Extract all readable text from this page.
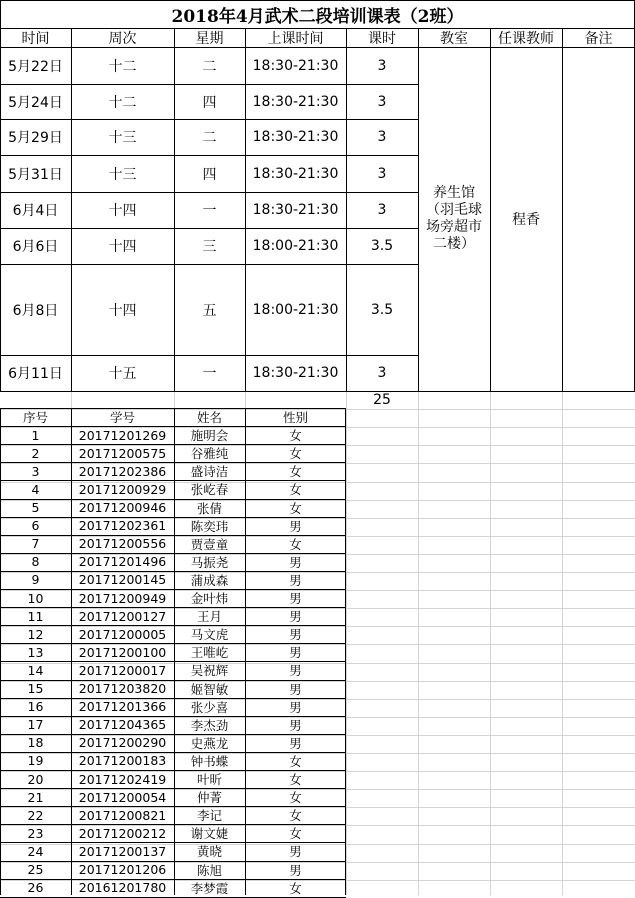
2018年4月武术二段培训课表（2班）
时间	周次	星期	上课时间	课时	教室	任课教师	备注
5月22日	十二	二	18:30-21:30	3
5月24日	十二	四	18:30-21:30	3
5月29日	十三	二	18:30-21:30	3
5月31日	十三	四	18:30-21:30	3
6月4日	十四	一	18:30-21:30	3
6月6日	十四	三	18:00-21:30	3.5
6月8日	十四	五	18:00-21:30	3.5
6月11日	十五	一	18:30-21:30	3
养生馆（羽毛球场旁超市二楼）
程香
25
序号	学号	姓名	性别
1	20171201269	施明会	女
2	20171200575	谷雅纯	女
3	20171202386	盛诗洁	女
4	20171200929	张屹春	女
5	20171200946	张倩	女
6	20171202361	陈奕玮	男
7	20171200556	贾壹童	女
8	20171201496	马振尧	男
9	20171200145	蒲成森	男
10	20171200949	金叶炜	男
11	20171200127	王月	男
12	20171200005	马文虎	男
13	20171200100	王唯屹	男
14	20171200017	吴祝辉	男
15	20171203820	姬智敏	男
16	20171201366	张少喜	男
17	20171204365	李杰劲	男
18	20171200290	史燕龙	男
19	20171200183	钟书蝶	女
20	20171202419	叶昕	女
21	20171200054	仲菁	女
22	20171200821	李记	女
23	20171200212	谢文婕	女
24	20171200137	黄晓	男
25	20171201206	陈旭	男
26	20161201780	李梦霞	女
